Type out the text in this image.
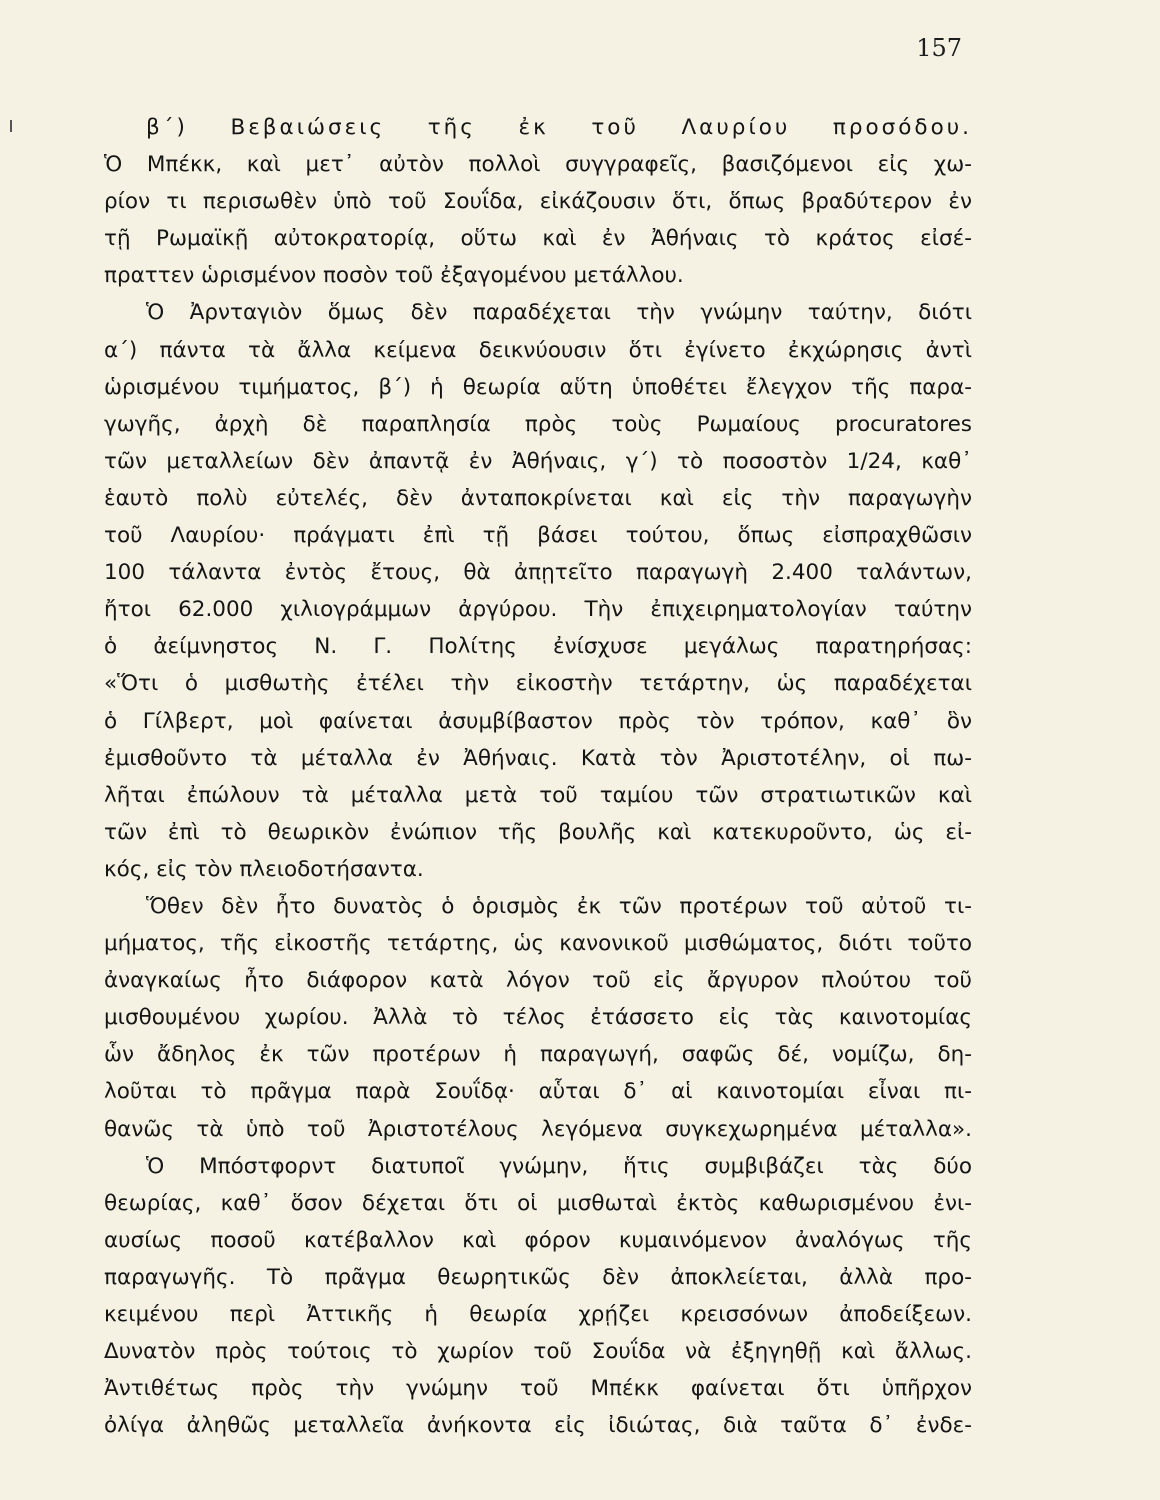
157
β΄) Βεβαιώσεις τῆς ἐκ τοῦ Λαυρίου προσόδου.
Ὁ Μπέκκ, καὶ μετ᾿ αὐτὸν πολλοὶ συγγραφεῖς, βασιζόμενοι εἰς χω-
ρίον τι περισωθὲν ὑπὸ τοῦ Σουΐδα, εἰκάζουσιν ὅτι, ὅπως βραδύτερον ἐν
τῇ Ρωμαϊκῇ αὐτοκρατορίᾳ, οὕτω καὶ ἐν Ἀθήναις τὸ κράτος εἰσέ-
πραττεν ὡρισμένον ποσὸν τοῦ ἐξαγομένου μετάλλου.
Ὁ Ἀρνταγιὸν ὅμως δὲν παραδέχεται τὴν γνώμην ταύτην, διότι
α΄) πάντα τὰ ἄλλα κείμενα δεικνύουσιν ὅτι ἐγίνετο ἐκχώρησις ἀντὶ
ὡρισμένου τιμήματος, β΄) ἡ θεωρία αὕτη ὑποθέτει ἔλεγχον τῆς παρα-
γωγῆς, ἀρχὴ δὲ παραπλησία πρὸς τοὺς Ρωμαίους procuratores
τῶν μεταλλείων δὲν ἀπαντᾷ ἐν Ἀθήναις, γ΄) τὸ ποσοστὸν 1/24, καθ᾿
ἑαυτὸ πολὺ εὐτελές, δὲν ἀνταποκρίνεται καὶ εἰς τὴν παραγωγὴν
τοῦ Λαυρίου· πράγματι ἐπὶ τῇ βάσει τούτου, ὅπως εἰσπραχθῶσιν
100 τάλαντα ἐντὸς ἔτους, θὰ ἀπῃτεῖτο παραγωγὴ 2.400 ταλάντων,
ἤτοι 62.000 χιλιογράμμων ἀργύρου. Τὴν ἐπιχειρηματολογίαν ταύτην
ὁ ἀείμνηστος Ν. Γ. Πολίτης ἐνίσχυσε μεγάλως παρατηρήσας:
«Ὅτι ὁ μισθωτὴς ἐτέλει τὴν εἰκοστὴν τετάρτην, ὡς παραδέχεται
ὁ Γίλβερτ, μοὶ φαίνεται ἀσυμβίβαστον πρὸς τὸν τρόπον, καθ᾿ ὃν
ἐμισθοῦντο τὰ μέταλλα ἐν Ἀθήναις. Κατὰ τὸν Ἀριστοτέλην, οἱ πω-
λῆται ἐπώλουν τὰ μέταλλα μετὰ τοῦ ταμίου τῶν στρατιωτικῶν καὶ
τῶν ἐπὶ τὸ θεωρικὸν ἐνώπιον τῆς βουλῆς καὶ κατεκυροῦντο, ὡς εἰ-
κός, εἰς τὸν πλειοδοτήσαντα.
Ὅθεν δὲν ἦτο δυνατὸς ὁ ὁρισμὸς ἐκ τῶν προτέρων τοῦ αὐτοῦ τι-
μήματος, τῆς εἰκοστῆς τετάρτης, ὡς κανονικοῦ μισθώματος, διότι τοῦτο
ἀναγκαίως ἦτο διάφορον κατὰ λόγον τοῦ εἰς ἄργυρον πλούτου τοῦ
μισθουμένου χωρίου. Ἀλλὰ τὸ τέλος ἐτάσσετο εἰς τὰς καινοτομίας
ὧν ἄδηλος ἐκ τῶν προτέρων ἡ παραγωγή, σαφῶς δέ, νομίζω, δη-
λοῦται τὸ πρᾶγμα παρὰ Σουΐδᾳ· αὗται δ᾿ αἱ καινοτομίαι εἶναι πι-
θανῶς τὰ ὑπὸ τοῦ Ἀριστοτέλους λεγόμενα συγκεχωρημένα μέταλλα».
Ὁ Μπόστφορντ διατυποῖ γνώμην, ἥτις συμβιβάζει τὰς δύο
θεωρίας, καθ᾿ ὅσον δέχεται ὅτι οἱ μισθωταὶ ἐκτὸς καθωρισμένου ἐνι-
αυσίως ποσοῦ κατέβαλλον καὶ φόρον κυμαινόμενον ἀναλόγως τῆς
παραγωγῆς. Τὸ πρᾶγμα θεωρητικῶς δὲν ἀποκλείεται, ἀλλὰ προ-
κειμένου περὶ Ἀττικῆς ἡ θεωρία χρῄζει κρεισσόνων ἀποδείξεων.
Δυνατὸν πρὸς τούτοις τὸ χωρίον τοῦ Σουΐδα νὰ ἐξηγηθῇ καὶ ἄλλως.
Ἀντιθέτως πρὸς τὴν γνώμην τοῦ Μπέκκ φαίνεται ὅτι ὑπῆρχον
ὀλίγα ἀληθῶς μεταλλεῖα ἀνήκοντα εἰς ἰδιώτας, διὰ ταῦτα δ᾿ ἐνδε-
